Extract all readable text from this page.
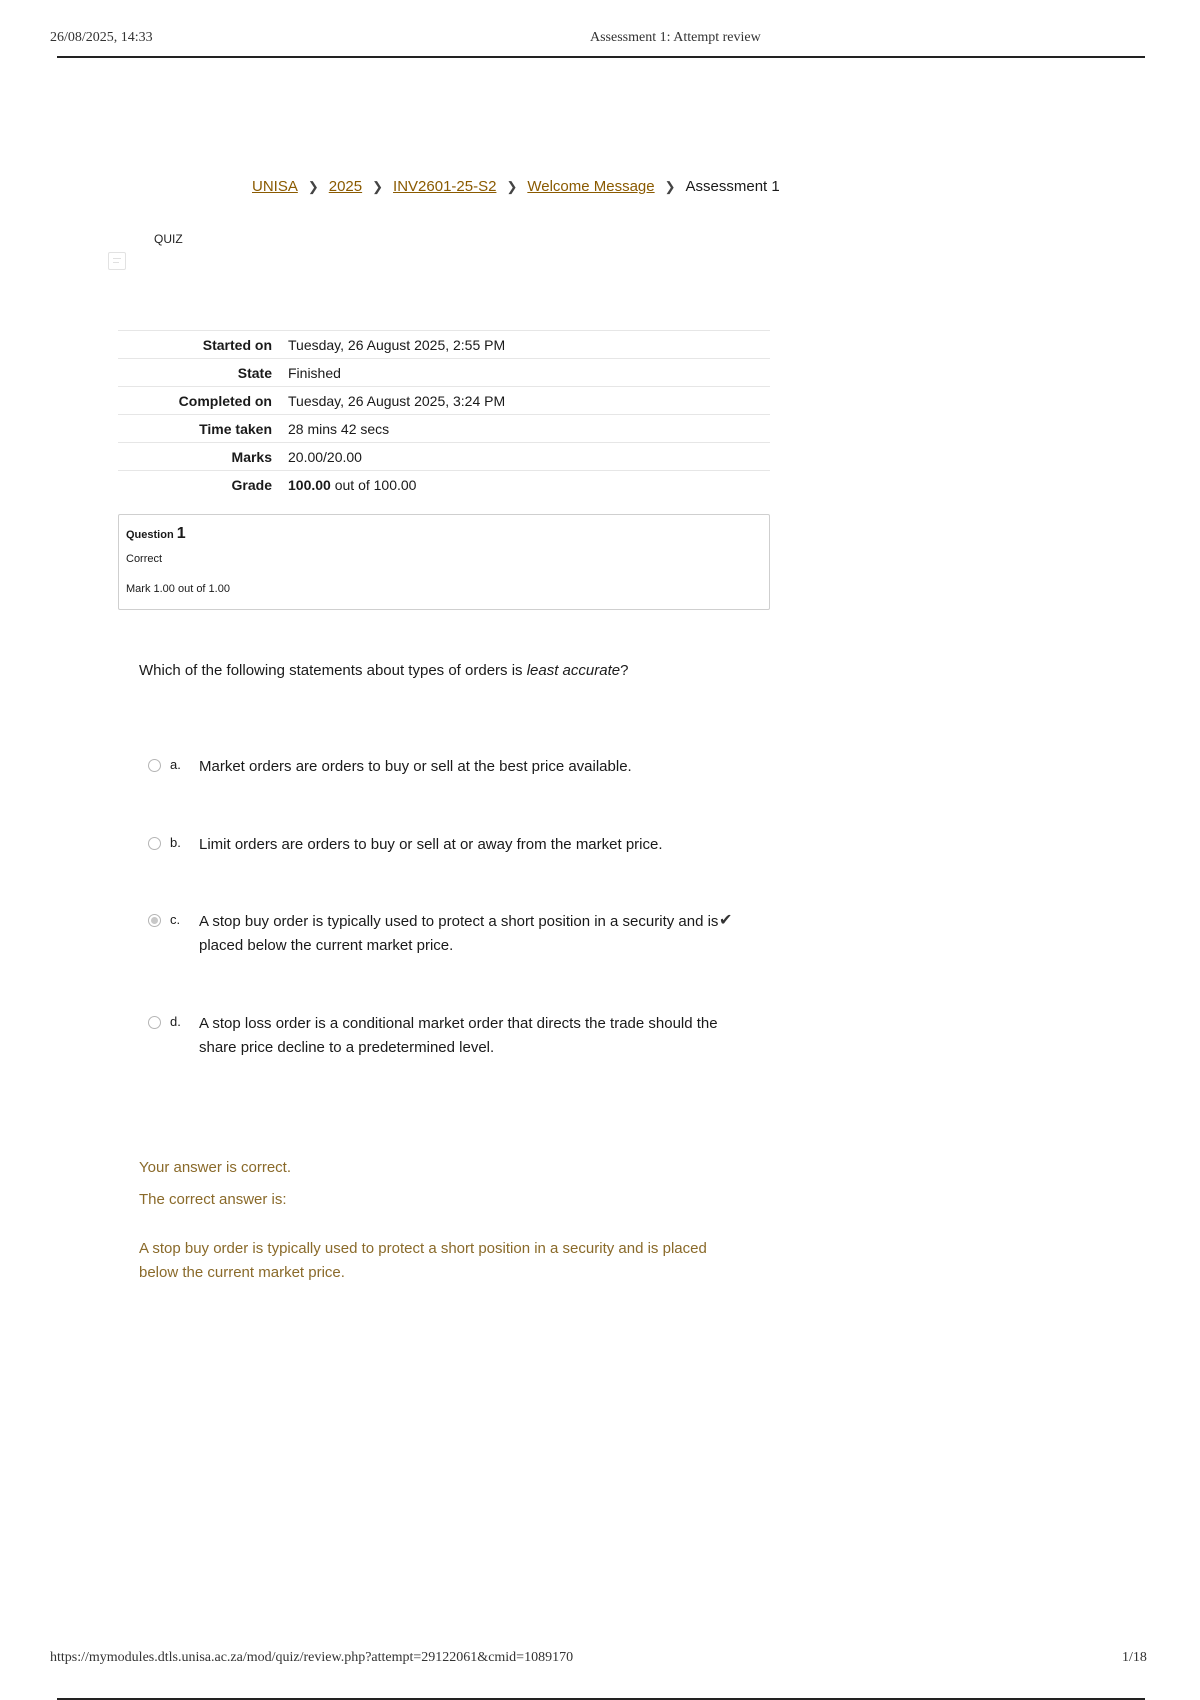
26/08/2025, 14:33	Assessment 1: Attempt review
UNISA ❯ 2025 ❯ INV2601-25-S2 ❯ Welcome Message ❯ Assessment 1
QUIZ
Started on	Tuesday, 26 August 2025, 2:55 PM
State	Finished
Completed on	Tuesday, 26 August 2025, 3:24 PM
Time taken	28 mins 42 secs
Marks	20.00/20.00
Grade	100.00 out of 100.00
Question 1
Correct
Mark 1.00 out of 1.00
Which of the following statements about types of orders is least accurate?
a. Market orders are orders to buy or sell at the best price available.
b. Limit orders are orders to buy or sell at or away from the market price.
c. A stop buy order is typically used to protect a short position in a security and is placed below the current market price.
✔
d. A stop loss order is a conditional market order that directs the trade should the share price decline to a predetermined level.
Your answer is correct.
The correct answer is:
A stop buy order is typically used to protect a short position in a security and is placed below the current market price.
https://mymodules.dtls.unisa.ac.za/mod/quiz/review.php?attempt=29122061&cmid=1089170	1/18
